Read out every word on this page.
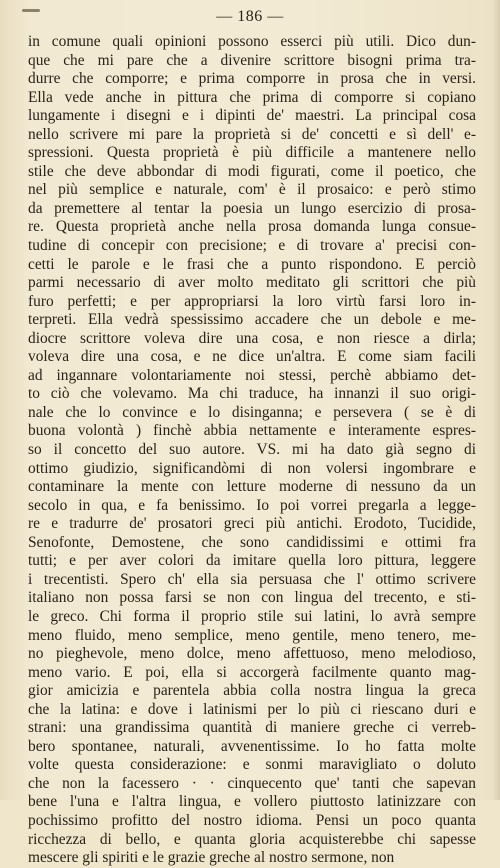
— 186 —
in comune quali opinioni possono esserci più utili. Dico dun-
que che mi pare che a divenire scrittore bisogni prima tra-
durre che comporre; e prima comporre in prosa che in versi.
Ella vede anche in pittura che prima di comporre si copiano
lungamente i disegni e i dipinti de' maestri. La principal cosa
nello scrivere mi pare la proprietà si de' concetti e sì dell' e-
spressioni. Questa proprietà è più difficile a mantenere nello
stile che deve abbondar di modi figurati, come il poetico, che
nel più semplice e naturale, com' è il prosaico: e però stimo
da premettere al tentar la poesia un lungo esercizio di prosa-
re. Questa proprietà anche nella prosa domanda lunga consue-
tudine di concepir con precisione; e di trovare a' precisi con-
cetti le parole e le frasi che a punto rispondono. E perciò
parmi necessario di aver molto meditato gli scrittori che più
furo perfetti; e per appropriarsi la loro virtù farsi loro in-
terpreti. Ella vedrà spessissimo accadere che un debole e me-
diocre scrittore voleva dire una cosa, e non riesce a dirla;
voleva dire una cosa, e ne dice un'altra. E come siam facili
ad ingannare volontariamente noi stessi, perchè abbiamo det-
to ciò che volevamo. Ma chi traduce, ha innanzi il suo origi-
nale che lo convince e lo disinganna; e persevera ( se è di
buona volontà ) finchè abbia nettamente e interamente espres-
so il concetto del suo autore. VS. mi ha dato già segno di
ottimo giudizio, significandòmi di non volersi ingombrare e
contaminare la mente con letture moderne di nessuno da un
secolo in qua, e fa benissimo. Io poi vorrei pregarla a legge-
re e tradurre de' prosatori greci più antichi. Erodoto, Tucidide,
Senofonte, Demostene, che sono candidissimi e ottimi fra
tutti; e per aver colori da imitare quella loro pittura, leggere
i trecentisti. Spero ch' ella sia persuasa che l' ottimo scrivere
italiano non possa farsi se non con lingua del trecento, e sti-
le greco. Chi forma il proprio stile sui latini, lo avrà sempre
meno fluido, meno semplice, meno gentile, meno tenero, me-
no pieghevole, meno dolce, meno affettuoso, meno melodioso,
meno vario. E poi, ella si accorgerà facilmente quanto mag-
gior amicizia e parentela abbia colla nostra lingua la greca
che la latina: e dove i latinismi per lo più ci riescano duri e
strani: una grandissima quantità di maniere greche ci verreb-
bero spontanee, naturali, avvenentissime. Io ho fatta molte
volte questa considerazione: e sonmi maravigliato o doluto
che non la facessero · · cinquecento que' tanti che sapevan
bene l'una e l'altra lingua, e vollero piuttosto latinizzare con
pochissimo profitto del nostro idioma. Pensi un poco quanta
ricchezza di bello, e quanta gloria acquisterebbe chi sapesse
mescere gli spiriti e le grazie greche al nostro sermone, non
